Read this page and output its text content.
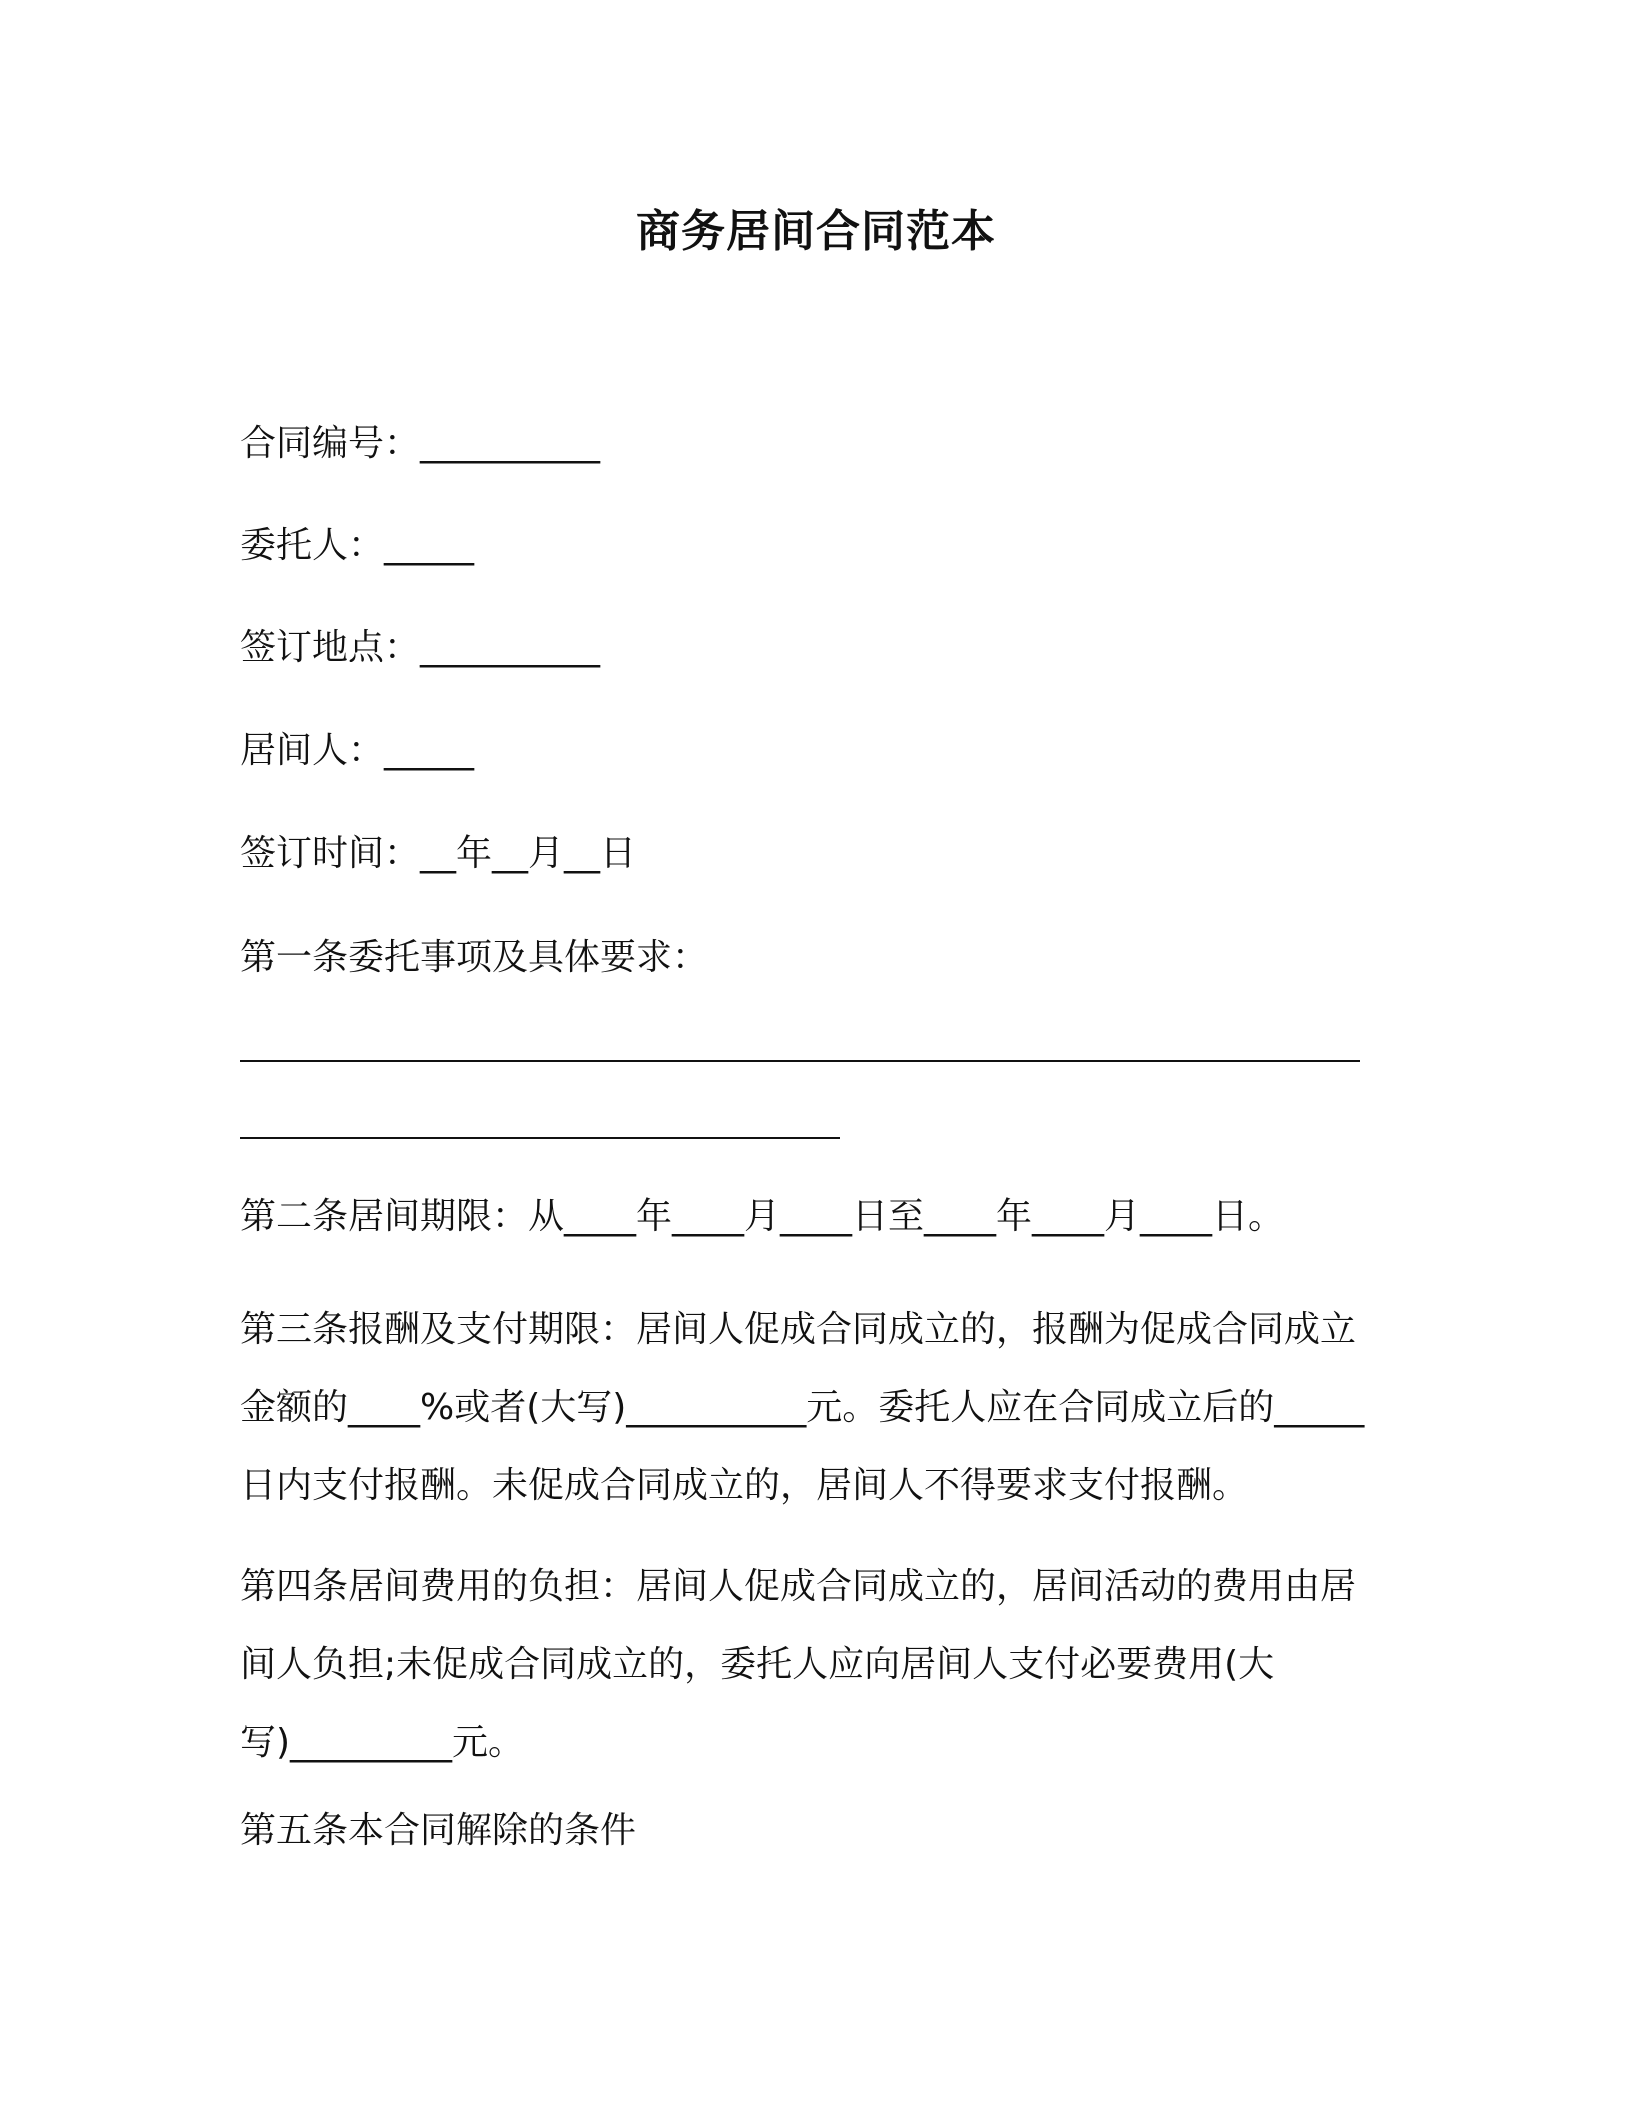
商务居间合同范本

合同编号：__________

委托人：_____

签订地点：__________

居间人：_____

签订时间：__年__月__日

第一条委托事项及具体要求：

第二条居间期限：从____年____月____日至____年____月____日。

第三条报酬及支付期限：居间人促成合同成立的，报酬为促成合同成立金额的____%或者(大写)__________元。委托人应在合同成立后的_____日内支付报酬。未促成合同成立的，居间人不得要求支付报酬。

第四条居间费用的负担：居间人促成合同成立的，居间活动的费用由居间人负担;未促成合同成立的，委托人应向居间人支付必要费用(大写)_________元。

第五条本合同解除的条件
